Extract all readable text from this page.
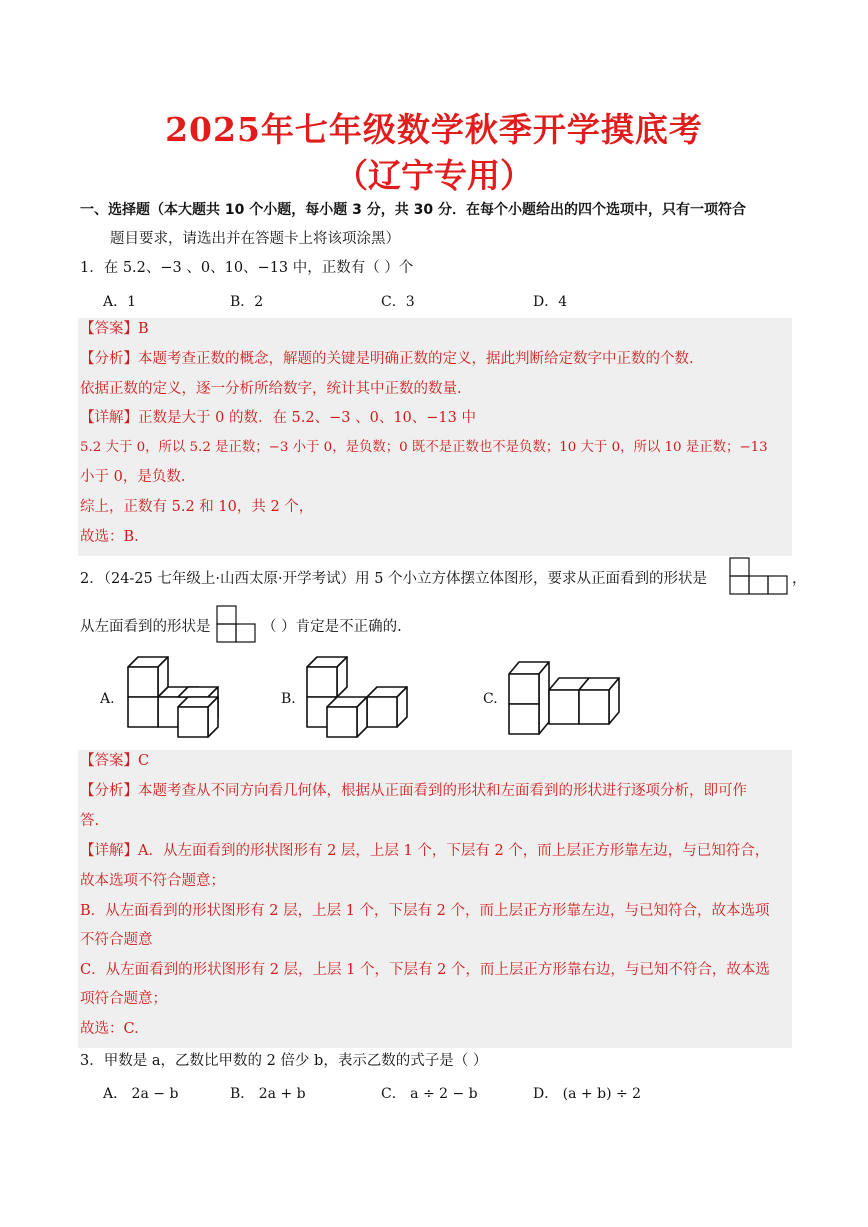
2025年七年级数学秋季开学摸底考
（辽宁专用）
一、选择题（本大题共 10 个小题，每小题 3 分，共 30 分．在每个小题给出的四个选项中，只有一项符合
题目要求，请选出并在答题卡上将该项涂黑）
1．在 5.2、−3 、0、10、−13 中，正数有（ ）个
A．1	B．2	C．3	D．4
【答案】B
【分析】本题考查正数的概念，解题的关键是明确正数的定义，据此判断给定数字中正数的个数.
依据正数的定义，逐一分析所给数字，统计其中正数的数量.
【详解】正数是大于 0 的数．在 5.2、−3 、0、10、−13 中
5.2 大于 0，所以 5.2 是正数；−3 小于 0，是负数；0 既不是正数也不是负数；10 大于 0，所以 10 是正数；−13
小于 0，是负数.
综上，正数有 5.2 和 10，共 2 个，
故选：B.
2．（24-25 七年级上·山西太原·开学考试）用 5 个小立方体摆立体图形，要求从正面看到的形状是	，
从左面看到的形状是	（ ）肯定是不正确的.
A.	B.	C.
【答案】C
【分析】本题考查从不同方向看几何体，根据从正面看到的形状和左面看到的形状进行逐项分析，即可作
答.
【详解】A．从左面看到的形状图形有 2 层，上层 1 个，下层有 2 个，而上层正方形靠左边，与已知符合，
故本选项不符合题意；
B．从左面看到的形状图形有 2 层，上层 1 个，下层有 2 个，而上层正方形靠左边，与已知符合，故本选项
不符合题意
C．从左面看到的形状图形有 2 层，上层 1 个，下层有 2 个，而上层正方形靠右边，与已知不符合，故本选
项符合题意；
故选：C.
3．甲数是 a，乙数比甲数的 2 倍少 b，表示乙数的式子是（ ）
A． 2a − b	B． 2a + b	C． a ÷ 2 − b	D． (a + b) ÷ 2
